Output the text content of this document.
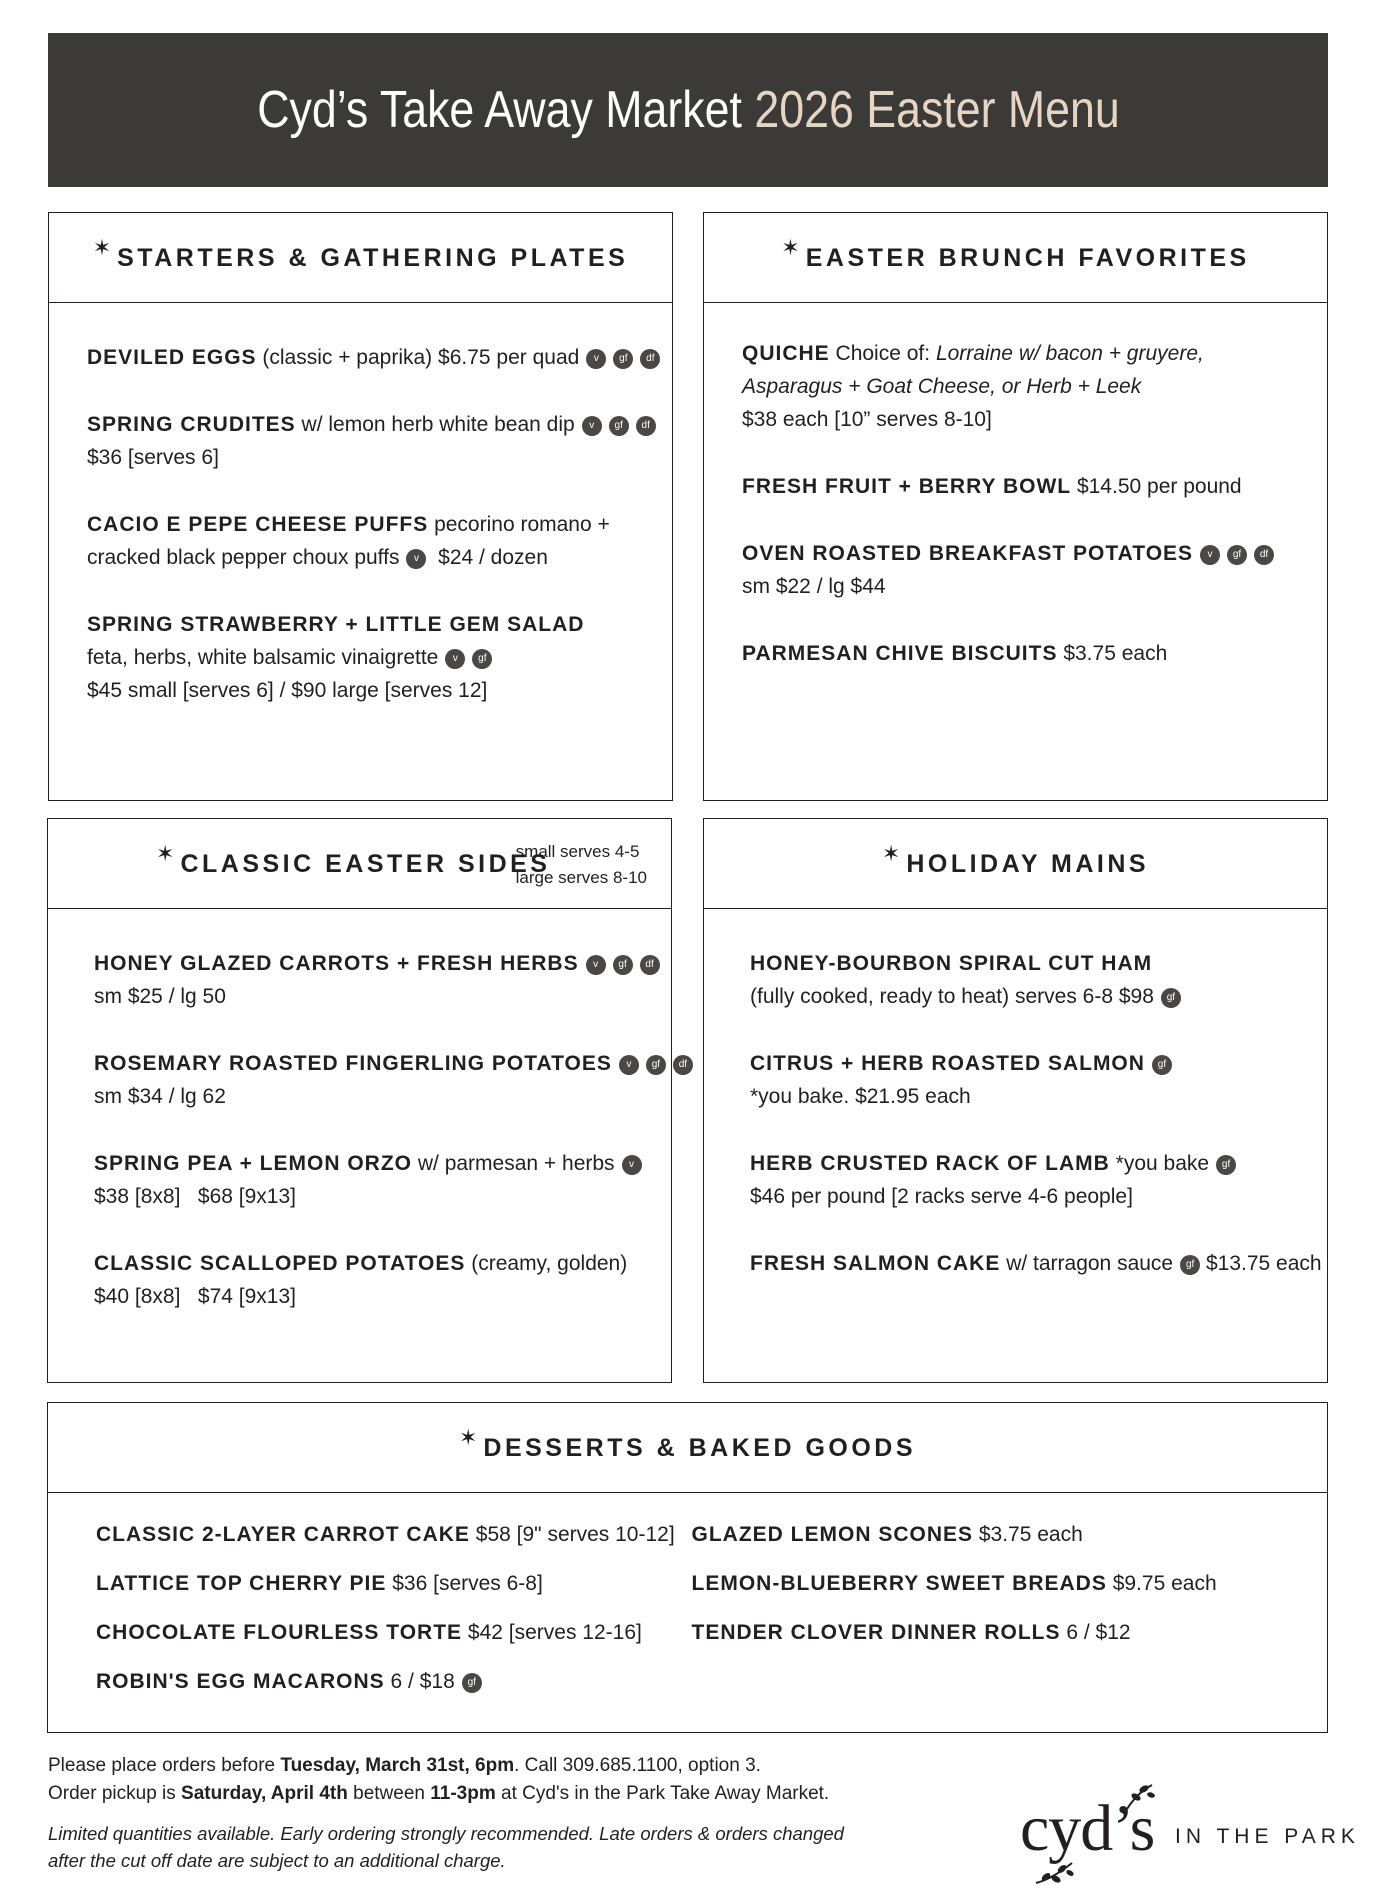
Cyd’s Take Away Market 2026 Easter Menu
✶ STARTERS & GATHERING PLATES
DEVILED EGGS (classic + paprika) $6.75 per quad v gf df
SPRING CRUDITES w/ lemon herb white bean dip v gf df
$36 [serves 6]
CACIO E PEPE CHEESE PUFFS pecorino romano +
cracked black pepper choux puffs v $24 / dozen
SPRING STRAWBERRY + LITTLE GEM SALAD
feta, herbs, white balsamic vinaigrette v gf
$45 small [serves 6] / $90 large [serves 12]
✶ EASTER BRUNCH FAVORITES
QUICHE Choice of: Lorraine w/ bacon + gruyere,
Asparagus + Goat Cheese, or Herb + Leek
$38 each [10” serves 8-10]
FRESH FRUIT + BERRY BOWL $14.50 per pound
OVEN ROASTED BREAKFAST POTATOES v gf df
sm $22 / lg $44
PARMESAN CHIVE BISCUITS $3.75 each
✶ CLASSIC EASTER SIDES
small serves 4-5
large serves 8-10
HONEY GLAZED CARROTS + FRESH HERBS v gf df
sm $25 / lg 50
ROSEMARY ROASTED FINGERLING POTATOES v gf df
sm $34 / lg 62
SPRING PEA + LEMON ORZO w/ parmesan + herbs v
$38 [8x8]   $68 [9x13]
CLASSIC SCALLOPED POTATOES (creamy, golden)
$40 [8x8]   $74 [9x13]
✶ HOLIDAY MAINS
HONEY-BOURBON SPIRAL CUT HAM
(fully cooked, ready to heat) serves 6-8 $98 gf
CITRUS + HERB ROASTED SALMON gf
*you bake. $21.95 each
HERB CRUSTED RACK OF LAMB *you bake gf
$46 per pound [2 racks serve 4-6 people]
FRESH SALMON CAKE w/ tarragon sauce gf $13.75 each
✶ DESSERTS & BAKED GOODS
CLASSIC 2-LAYER CARROT CAKE $58 [9" serves 10-12]
LATTICE TOP CHERRY PIE $36 [serves 6-8]
CHOCOLATE FLOURLESS TORTE $42 [serves 12-16]
ROBIN'S EGG MACARONS 6 / $18 gf
GLAZED LEMON SCONES $3.75 each
LEMON-BLUEBERRY SWEET BREADS $9.75 each
TENDER CLOVER DINNER ROLLS 6 / $12
Please place orders before Tuesday, March 31st, 6pm. Call 309.685.1100, option 3.
Order pickup is Saturday, April 4th between 11-3pm at Cyd's in the Park Take Away Market.
Limited quantities available. Early ordering strongly recommended. Late orders & orders changed
after the cut off date are subject to an additional charge.	cyd’s IN THE PARK
